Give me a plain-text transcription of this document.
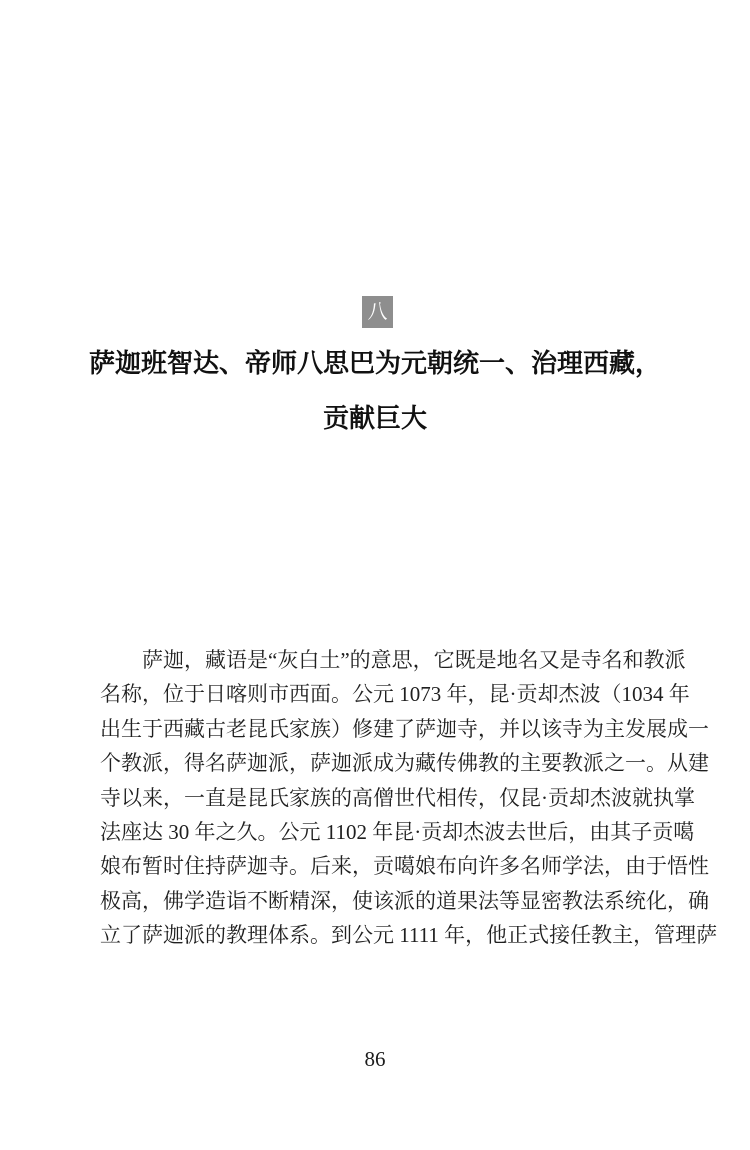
八
萨迦班智达、帝师八思巴为元朝统一、治理西藏，
贡献巨大
萨迦，藏语是“灰白土”的意思，它既是地名又是寺名和教派
名称，位于日喀则市西面。公元 1073 年，昆·贡却杰波（1034 年
出生于西藏古老昆氏家族）修建了萨迦寺，并以该寺为主发展成一
个教派，得名萨迦派，萨迦派成为藏传佛教的主要教派之一。从建
寺以来，一直是昆氏家族的高僧世代相传，仅昆·贡却杰波就执掌
法座达 30 年之久。公元 1102 年昆·贡却杰波去世后，由其子贡噶
娘布暂时住持萨迦寺。后来，贡噶娘布向许多名师学法，由于悟性
极高，佛学造诣不断精深，使该派的道果法等显密教法系统化，确
立了萨迦派的教理体系。到公元 1111 年，他正式接任教主，管理萨
86
